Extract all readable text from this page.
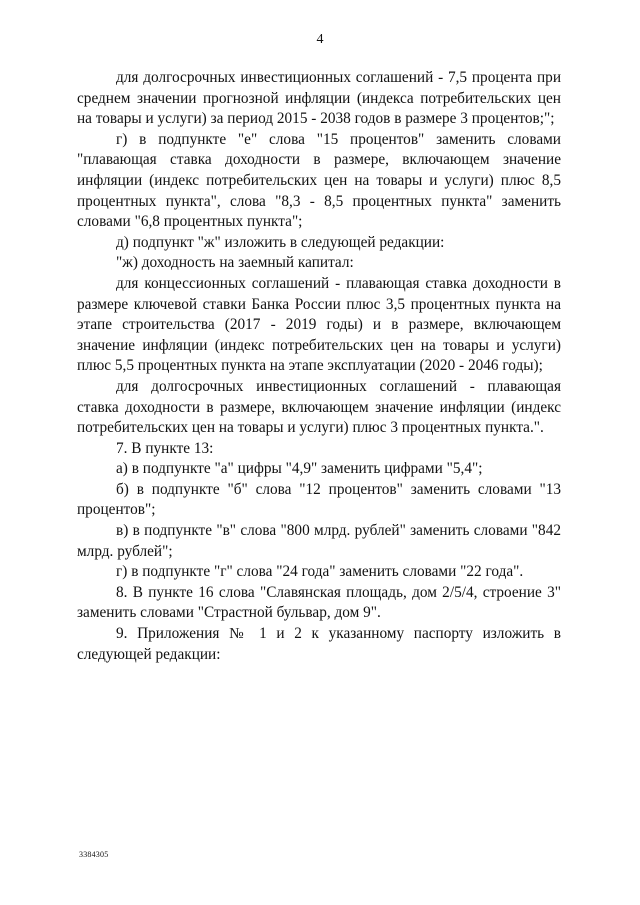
4

для долгосрочных инвестиционных соглашений - 7,5 процента при среднем значении прогнозной инфляции (индекса потребительских цен на товары и услуги) за период 2015 - 2038 годов в размере 3 процентов;";

г) в подпункте "е" слова "15 процентов" заменить словами "плавающая ставка доходности в размере, включающем значение инфляции (индекс потребительских цен на товары и услуги) плюс 8,5 процентных пункта", слова "8,3 - 8,5 процентных пункта" заменить словами "6,8 процентных пункта";

д) подпункт "ж" изложить в следующей редакции:

"ж) доходность на заемный капитал:

для концессионных соглашений - плавающая ставка доходности в размере ключевой ставки Банка России плюс 3,5 процентных пункта на этапе строительства (2017 - 2019 годы) и в размере, включающем значение инфляции (индекс потребительских цен на товары и услуги) плюс 5,5 процентных пункта на этапе эксплуатации (2020 - 2046 годы);

для долгосрочных инвестиционных соглашений - плавающая ставка доходности в размере, включающем значение инфляции (индекс потребительских цен на товары и услуги) плюс 3 процентных пункта.".

7. В пункте 13:

а) в подпункте "а" цифры "4,9" заменить цифрами "5,4";

б) в подпункте "б" слова "12 процентов" заменить словами "13 процентов";

в) в подпункте "в" слова "800 млрд. рублей" заменить словами "842 млрд. рублей";

г) в подпункте "г" слова "24 года" заменить словами "22 года".

8. В пункте 16 слова "Славянская площадь, дом 2/5/4, строение 3" заменить словами "Страстной бульвар, дом 9".

9. Приложения № 1 и 2 к указанному паспорту изложить в следующей редакции:

3384305
